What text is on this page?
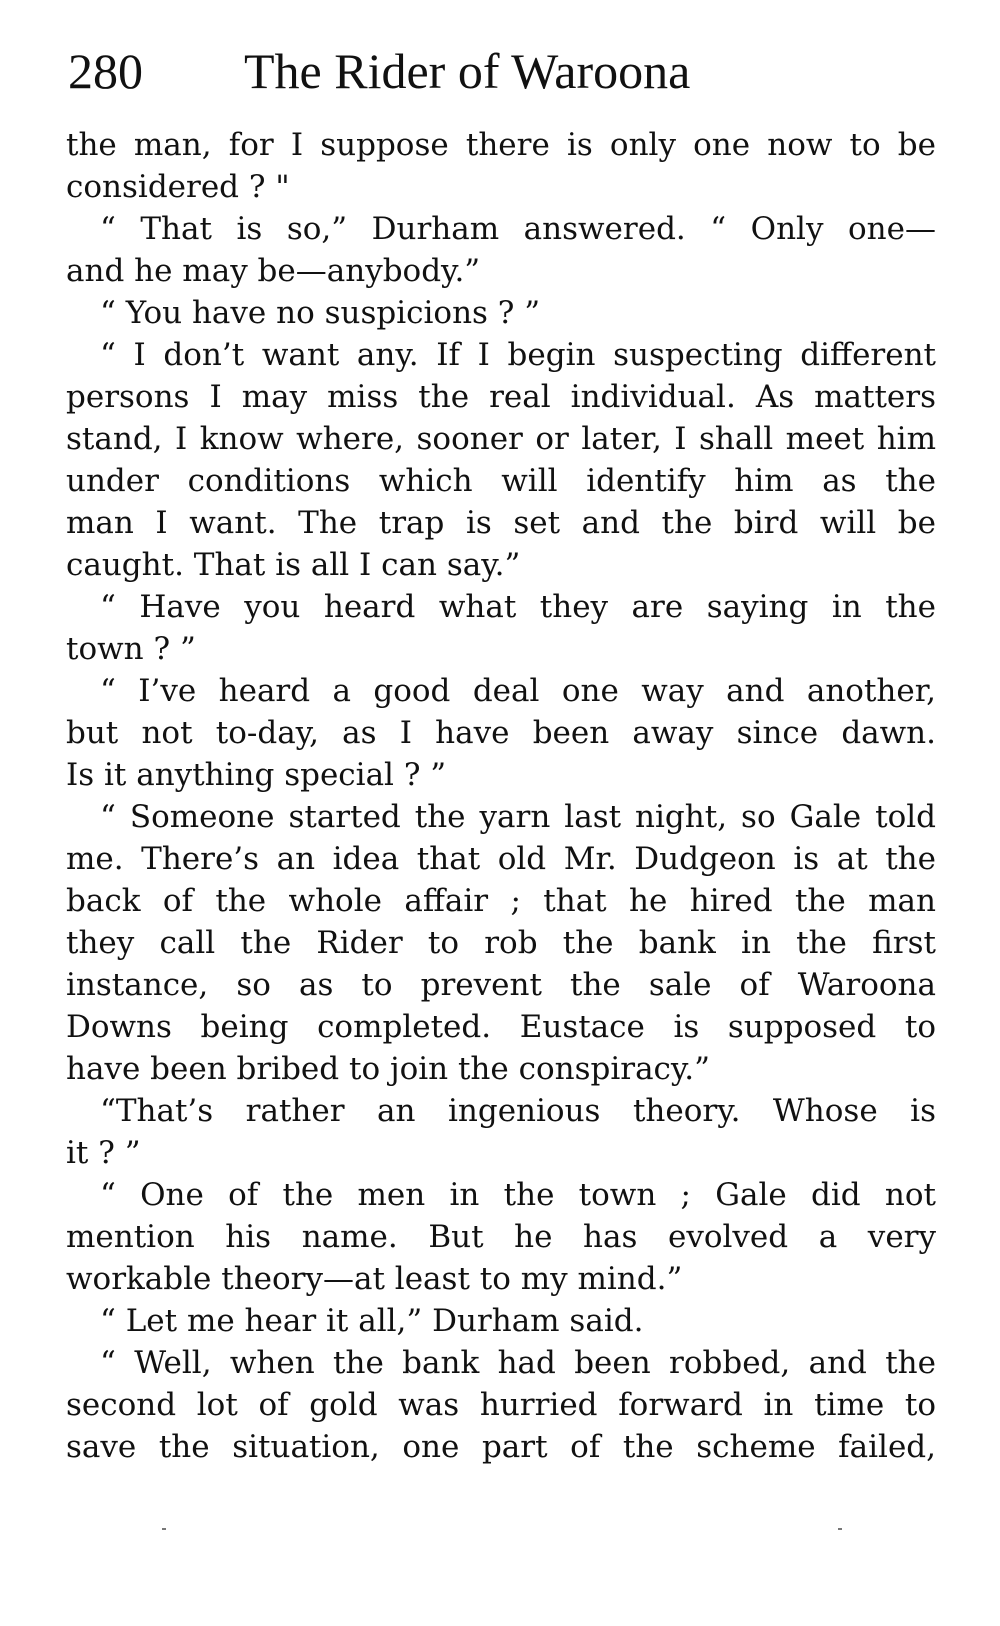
280 The Rider of Waroona
the man, for I suppose there is only one now to be
considered ? "
“ That is so,” Durham answered. “ Only one—
and he may be—anybody.”
“ You have no suspicions ? ”
“ I don’t want any. If I begin suspecting different
persons I may miss the real individual. As matters
stand, I know where, sooner or later, I shall meet him
under conditions which will identify him as the
man I want. The trap is set and the bird will be
caught. That is all I can say.”
“ Have you heard what they are saying in the
town ? ”
“ I’ve heard a good deal one way and another,
but not to-day, as I have been away since dawn.
Is it anything special ? ”
“ Someone started the yarn last night, so Gale told
me. There’s an idea that old Mr. Dudgeon is at the
back of the whole affair ; that he hired the man
they call the Rider to rob the bank in the first
instance, so as to prevent the sale of Waroona
Downs being completed. Eustace is supposed to
have been bribed to join the conspiracy.”
“That’s rather an ingenious theory. Whose is
it ? ”
“ One of the men in the town ; Gale did not
mention his name. But he has evolved a very
workable theory—at least to my mind.”
“ Let me hear it all,” Durham said.
“ Well, when the bank had been robbed, and the
second lot of gold was hurried forward in time to
save the situation, one part of the scheme failed,
